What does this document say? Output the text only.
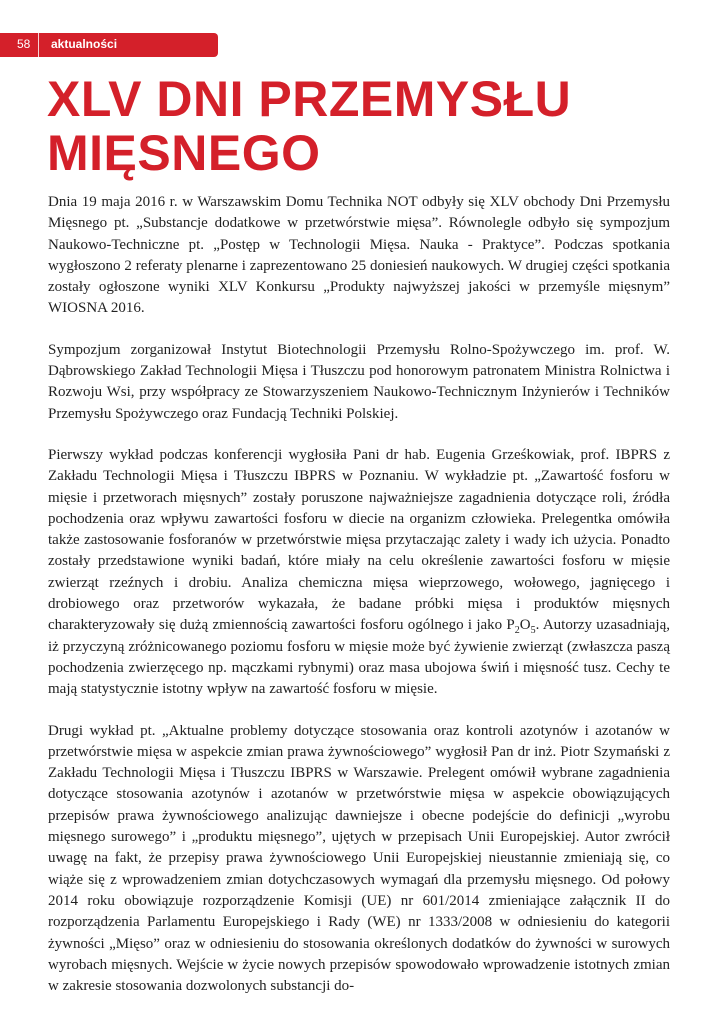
58 aktualności
XLV DNI PRZEMYSŁU
MIĘSNEGO

Dnia 19 maja 2016 r. w Warszawskim Domu Technika NOT odbyły się XLV obchody Dni Przemysłu Mięsnego pt. „Substancje dodatkowe w przetwórstwie mięsa”. Równolegle odbyło się sympozjum Naukowo-Techniczne pt. „Postęp w Technologii Mięsa. Nauka - Praktyce”. Podczas spotkania wygłoszono 2 referaty plenarne i zaprezentowano 25 doniesień naukowych. W drugiej części spotkania zostały ogłoszone wyniki XLV Konkursu „Produkty najwyższej jakości w przemyśle mięsnym” WIOSNA 2016.

Sympozjum zorganizował Instytut Biotechnologii Przemysłu Rolno-Spożywczego im. prof. W. Dąbrowskiego Zakład Technologii Mięsa i Tłuszczu pod honorowym patronatem Ministra Rolnictwa i Rozwoju Wsi, przy współpracy ze Stowarzyszeniem Naukowo-Technicznym Inżynierów i Techników Przemysłu Spożywczego oraz Fundacją Techniki Polskiej.

Pierwszy wykład podczas konferencji wygłosiła Pani dr hab. Eugenia Grześkowiak, prof. IBPRS z Zakładu Technologii Mięsa i Tłuszczu IBPRS w Poznaniu. W wykładzie pt. „Zawartość fosforu w mięsie i przetworach mięsnych” zostały poruszone najważniejsze zagadnienia dotyczące roli, źródła pochodzenia oraz wpływu zawartości fosforu w diecie na organizm człowieka. Prelegentka omówiła także zastosowanie fosforanów w przetwórstwie mięsa przytaczając zalety i wady ich użycia. Ponadto zostały przedstawione wyniki badań, które miały na celu określenie zawartości fosforu w mięsie zwierząt rzeźnych i drobiu. Analiza chemiczna mięsa wieprzowego, wołowego, jagnięcego i drobiowego oraz przetworów wykazała, że badane próbki mięsa i produktów mięsnych charakteryzowały się dużą zmiennością zawartości fosforu ogólnego i jako $P_2O_5$. Autorzy uzasadniają, iż przyczyną zróżnicowanego poziomu fosforu w mięsie może być żywienie zwierząt (zwłaszcza paszą pochodzenia zwierzęcego np. mączkami rybnymi) oraz masa ubojowa świń i mięsność tusz. Cechy te mają statystycznie istotny wpływ na zawartość fosforu w mięsie.

Drugi wykład pt. „Aktualne problemy dotyczące stosowania oraz kontroli azotynów i azotanów w przetwórstwie mięsa w aspekcie zmian prawa żywnościowego” wygłosił Pan dr inż. Piotr Szymański z Zakładu Technologii Mięsa i Tłuszczu IBPRS w Warszawie. Prelegent omówił wybrane zagadnienia dotyczące stosowania azotynów i azotanów w przetwórstwie mięsa w aspekcie obowiązujących przepisów prawa żywnościowego analizując dawniejsze i obecne podejście do definicji „wyrobu mięsnego surowego” i „produktu mięsnego”, ujętych w przepisach Unii Europejskiej. Autor zwrócił uwagę na fakt, że przepisy prawa żywnościowego Unii Europejskiej nieustannie zmieniają się, co wiąże się z wprowadzeniem zmian dotychczasowych wymagań dla przemysłu mięsnego. Od połowy 2014 roku obowiązuje rozporządzenie Komisji (UE) nr 601/2014 zmieniające załącznik II do rozporządzenia Parlamentu Europejskiego i Rady (WE) nr 1333/2008 w odniesieniu do kategorii żywności „Mięso” oraz w odniesieniu do stosowania określonych dodatków do żywności w surowych wyrobach mięsnych. Wejście w życie nowych przepisów spowodowało wprowadzenie istotnych zmian w zakresie stosowania dozwolonych substancji do-
